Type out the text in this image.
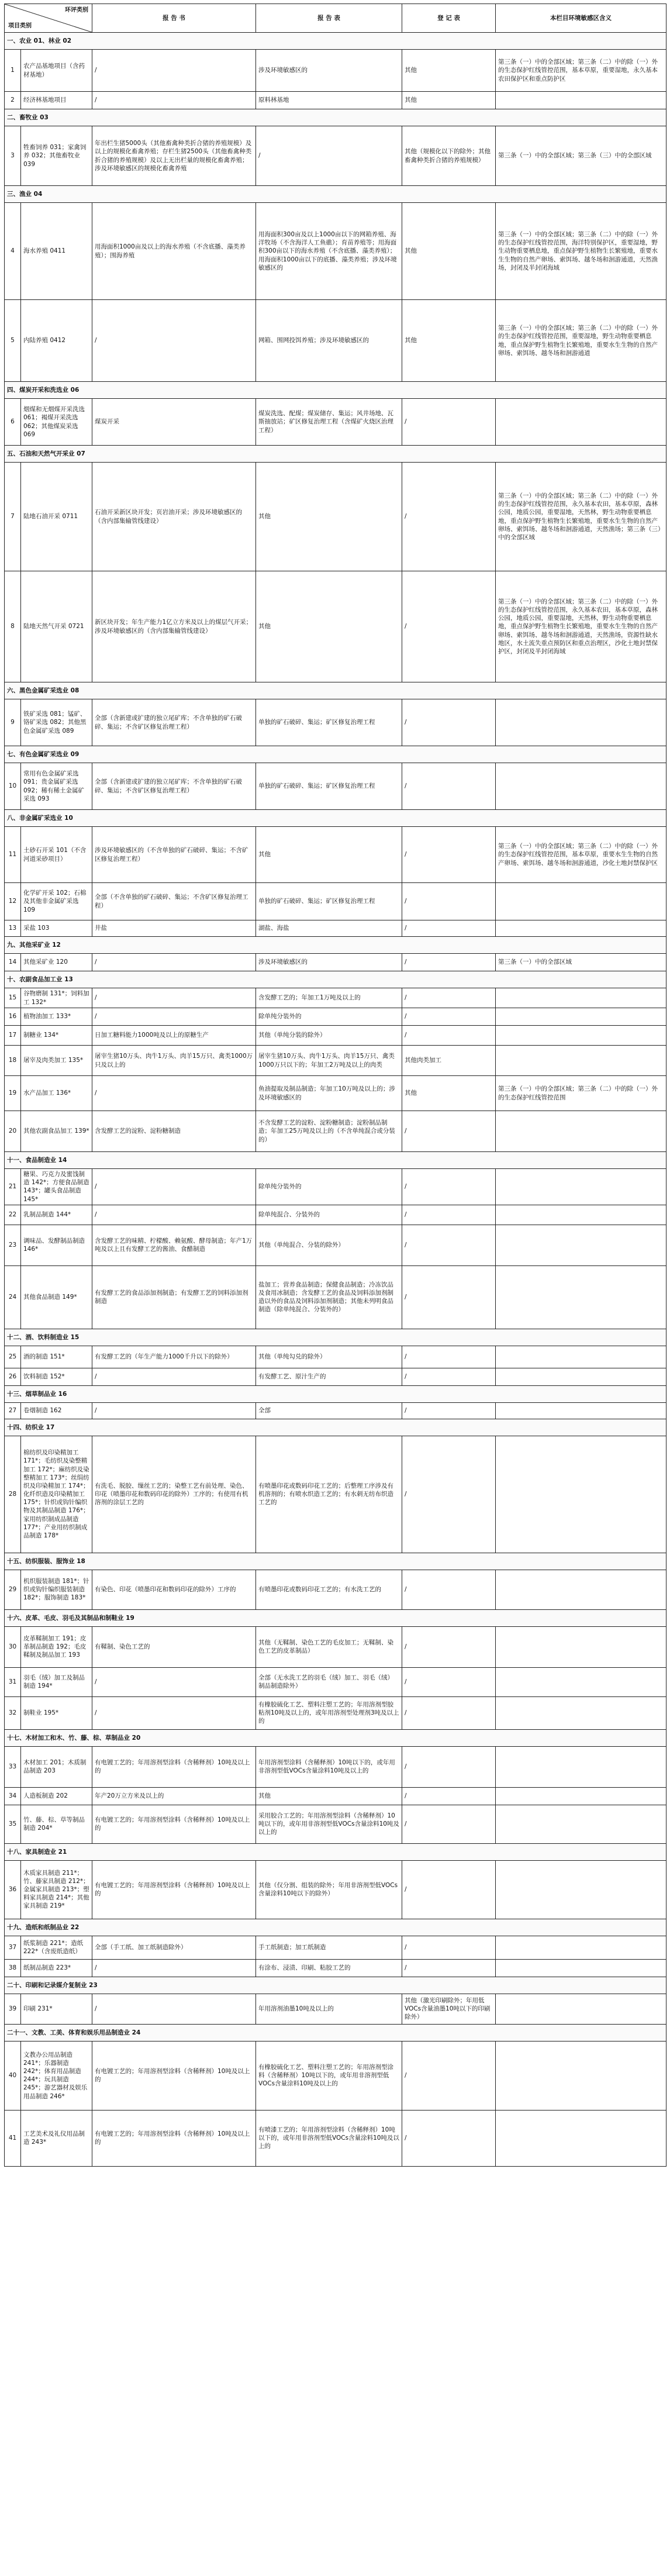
环评类别
项目类别		报 告 书	报 告 表	登 记 表	本栏目环境敏感区含义
一、农业 01、林业 02					
1	农产品基地项目（含药材基地）	/	涉及环境敏感区的	其他	第三条（一）中的全部区域；第三条（二）中的除（一）外的生态保护红线管控范围，基本草原，重要湿地，永久基本农田保护区和重点防护区
2	经济林基地项目	/	原料林基地	其他	
二、畜牧业 03					
3	牲畜饲养 031；家禽饲养 032；其他畜牧业 039	年出栏生猪5000头（其他畜禽种类折合猪的养殖规模）及以上的规模化畜禽养殖；存栏生猪2500头（其他畜禽种类折合猪的养殖规模）及以上无出栏量的规模化畜禽养殖；涉及环境敏感区的规模化畜禽养殖	/	其他（规模化以下的除外；其他畜禽种类折合猪的养殖规模）	第三条（一）中的全部区域；第三条（三）中的全部区域
三、渔业 04					
4	海水养殖 0411	用海面积1000亩及以上的海水养殖（不含底播、藻类养殖）；围海养殖	用海面积300亩及以上1000亩以下的网箱养殖、海洋牧场（不含海洋人工鱼礁）；育苗养殖等；用海面积300亩以下的海水养殖（不含底播、藻类养殖）；用海面积1000亩以下的底播、藻类养殖；涉及环境敏感区的	其他	第三条（一）中的全部区域；第三条（二）中的除（一）外的生态保护红线管控范围，海洋特别保护区，重要湿地，野生动物重要栖息地，重点保护野生植物生长繁殖地，重要水生生物的自然产卵场、索饵场、越冬场和洄游通道，天然渔场，封闭及半封闭海域
5	内陆养殖 0412	/	网箱、围网投饵养殖；涉及环境敏感区的	其他	第三条（一）中的全部区域；第三条（二）中的除（一）外的生态保护红线管控范围，重要湿地，野生动物重要栖息地，重点保护野生植物生长繁殖地，重要水生生物的自然产卵场、索饵场、越冬场和洄游通道
四、煤炭开采和洗选业 06					
6	烟煤和无烟煤开采洗选 061；褐煤开采洗选 062；其他煤炭采选 069	煤炭开采	煤炭洗选、配煤；煤炭储存、集运；风井场地、瓦斯抽放站；矿区修复治理工程（含煤矿火烧区治理工程）	/	
五、石油和天然气开采业 07					
7	陆地石油开采 0711	石油开采新区块开发；页岩油开采；涉及环境敏感区的（含内部集输管线建设）	其他	/	第三条（一）中的全部区域；第三条（二）中的除（一）外的生态保护红线管控范围，永久基本农田，基本草原，森林公园，地质公园，重要湿地，天然林，野生动物重要栖息地，重点保护野生植物生长繁殖地，重要水生生物的自然产卵场、索饵场、越冬场和洄游通道，天然渔场；第三条（三）中的全部区域
8	陆地天然气开采 0721	新区块开发；年生产能力1亿立方米及以上的煤层气开采；涉及环境敏感区的（含内部集输管线建设）	其他	/	第三条（一）中的全部区域；第三条（二）中的除（一）外的生态保护红线管控范围，永久基本农田，基本草原，森林公园，地质公园，重要湿地，天然林，野生动物重要栖息地，重点保护野生植物生长繁殖地，重要水生生物的自然产卵场、索饵场、越冬场和洄游通道，天然渔场，资源性缺水地区，水土流失重点预防区和重点治理区，沙化土地封禁保护区，封闭及半封闭海域
六、黑色金属矿采选业 08					
9	铁矿采选 081；锰矿、铬矿采选 082；其他黑色金属矿采选 089	全部（含新建或扩建的独立尾矿库；不含单独的矿石破碎、集运；不含矿区修复治理工程）	单独的矿石破碎、集运；矿区修复治理工程	/	
七、有色金属矿采选业 09					
10	常用有色金属矿采选 091；贵金属矿采选 092；稀有稀土金属矿采选 093	全部（含新建或扩建的独立尾矿库；不含单独的矿石破碎、集运；不含矿区修复治理工程）	单独的矿石破碎、集运；矿区修复治理工程	/	
八、非金属矿采选业 10					
11	土砂石开采 101（不含河道采砂项目）	涉及环境敏感区的（不含单独的矿石破碎、集运；不含矿区修复治理工程）	其他	/	第三条（一）中的全部区域；第三条（二）中的除（一）外的生态保护红线管控范围，基本草原，重要水生生物的自然产卵场、索饵场、越冬场和洄游通道，沙化土地封禁保护区
12	化学矿开采 102；石棉及其他非金属矿采选 109	全部（不含单独的矿石破碎、集运；不含矿区修复治理工程）	单独的矿石破碎、集运；矿区修复治理工程	/	
13	采盐 103	井盐	湖盐、海盐	/	
九、其他采矿业 12					
14	其他采矿业 120	/	涉及环境敏感区的	/	第三条（一）中的全部区域
十、农副食品加工业 13					
15	谷物磨制 131*；饲料加工 132*	/	含发酵工艺的；年加工1万吨及以上的	/	
16	植物油加工 133*	/	除单纯分装外的	/	
17	制糖业 134*	日加工糖料能力1000吨及以上的原糖生产	其他（单纯分装的除外）	/	
18	屠宰及肉类加工 135*	屠宰生猪10万头、肉牛1万头、肉羊15万只、禽类1000万只及以上的	屠宰生猪10万头、肉牛1万头、肉羊15万只、禽类1000万只以下的；年加工2万吨及以上的肉类	其他肉类加工	
19	水产品加工 136*	/	鱼油提取及制品制造；年加工10万吨及以上的；涉及环境敏感区的	其他	第三条（一）中的全部区域；第三条（二）中的除（一）外的生态保护红线管控范围
20	其他农副食品加工 139*	含发酵工艺的淀粉、淀粉糖制造	不含发酵工艺的淀粉、淀粉糖制造；淀粉制品制造；年加工25万吨及以上的（不含单纯混合或分装的）	/	
十一、食品制造业 14					
21	糖果、巧克力及蜜饯制造 142*；方便食品制造 143*；罐头食品制造 145*	/	除单纯分装外的	/	
22	乳制品制造 144*	/	除单纯混合、分装外的	/	
23	调味品、发酵制品制造 146*	含发酵工艺的味精、柠檬酸、赖氨酸、酵母制造；年产1万吨及以上且有发酵工艺的酱油、食醋制造	其他（单纯混合、分装的除外）	/	
24	其他食品制造 149*	有发酵工艺的食品添加剂制造；有发酵工艺的饲料添加剂制造	盐加工；营养食品制造；保健食品制造；冷冻饮品及食用冰制造；含发酵工艺的食品及饲料添加剂制造以外的食品及饲料添加剂制造；其他未列明食品制造（除单纯混合、分装外的）	/	
十二、酒、饮料制造业 15					
25	酒的制造 151*	有发酵工艺的（年生产能力1000千升以下的除外）	其他（单纯勾兑的除外）	/	
26	饮料制造 152*	/	有发酵工艺、原汁生产的	/	
十三、烟草制品业 16					
27	卷烟制造 162	/	全部	/	
十四、纺织业 17					
28	棉纺织及印染精加工 171*；毛纺织及染整精加工 172*；麻纺织及染整精加工 173*；丝绢纺织及印染精加工 174*；化纤织造及印染精加工 175*；针织或钩针编织物及其制品制造 176*；家用纺织制成品制造 177*；产业用纺织制成品制造 178*	有洗毛、脱胶、缫丝工艺的；染整工艺有前处理、染色、印花（喷墨印花和数码印花的除外）工序的；有使用有机溶剂的涂层工艺的	有喷墨印花或数码印花工艺的；后整理工序涉及有机溶剂的；有喷水织造工艺的；有水刺无纺布织造工艺的	/	
十五、纺织服装、服饰业 18					
29	机织服装制造 181*；针织或钩针编织服装制造 182*；服饰制造 183*	有染色、印花（喷墨印花和数码印花的除外）工序的	有喷墨印花或数码印花工艺的；有水洗工艺的	/	
十六、皮革、毛皮、羽毛及其制品和制鞋业 19					
30	皮革鞣制加工 191；皮革制品制造 192；毛皮鞣制及制品加工 193	有鞣制、染色工艺的	其他（无鞣制、染色工艺的毛皮加工；无鞣制、染色工艺的皮革制品）	/	
31	羽毛（绒）加工及制品制造 194*	/	全部（无水洗工艺的羽毛（绒）加工、羽毛（绒）制品制造除外）	/	
32	制鞋业 195*	/	有橡胶硫化工艺、塑料注塑工艺的；年用溶剂型胶粘剂10吨及以上的，或年用溶剂型处理剂3吨及以上的	/	
十七、木材加工和木、竹、藤、棕、草制品业 20					
33	木材加工 201；木质制品制造 203	有电镀工艺的；年用溶剂型涂料（含稀释剂）10吨及以上的	年用溶剂型涂料（含稀释剂）10吨以下的，或年用非溶剂型低VOCs含量涂料10吨及以上的	/	
34	人造板制造 202	年产20万立方米及以上的	其他	/	
35	竹、藤、棕、草等制品制造 204*	有电镀工艺的；年用溶剂型涂料（含稀释剂）10吨及以上的	采用胶合工艺的；年用溶剂型涂料（含稀释剂）10吨以下的，或年用非溶剂型低VOCs含量涂料10吨及以上的	/	
十八、家具制造业 21					
36	木质家具制造 211*；竹、藤家具制造 212*；金属家具制造 213*；塑料家具制造 214*；其他家具制造 219*	有电镀工艺的；年用溶剂型涂料（含稀释剂）10吨及以上的	其他（仅分割、组装的除外；年用非溶剂型低VOCs含量涂料10吨以下的除外）	/	
十九、造纸和纸制品业 22					
37	纸浆制造 221*；造纸 222*（含废纸造纸）	全部（手工纸、加工纸制造除外）	手工纸制造；加工纸制造	/	
38	纸制品制造 223*	/	有涂布、浸渍、印刷、粘胶工艺的	/	
二十、印刷和记录媒介复制业 23					
39	印刷 231*	/	年用溶剂油墨10吨及以上的	其他（激光印刷除外；年用低VOCs含量油墨10吨以下的印刷除外）	
二十一、文教、工美、体育和娱乐用品制造业 24					
40	文教办公用品制造 241*；乐器制造 242*；体育用品制造 244*；玩具制造 245*；游艺器材及娱乐用品制造 246*	有电镀工艺的；年用溶剂型涂料（含稀释剂）10吨及以上的	有橡胶硫化工艺、塑料注塑工艺的；年用溶剂型涂料（含稀释剂）10吨以下的，或年用非溶剂型低VOCs含量涂料10吨及以上的	/	
41	工艺美术及礼仪用品制造 243*	有电镀工艺的；年用溶剂型涂料（含稀释剂）10吨及以上的	有喷漆工艺的；年用溶剂型涂料（含稀释剂）10吨以下的，或年用非溶剂型低VOCs含量涂料10吨及以上的	/	
